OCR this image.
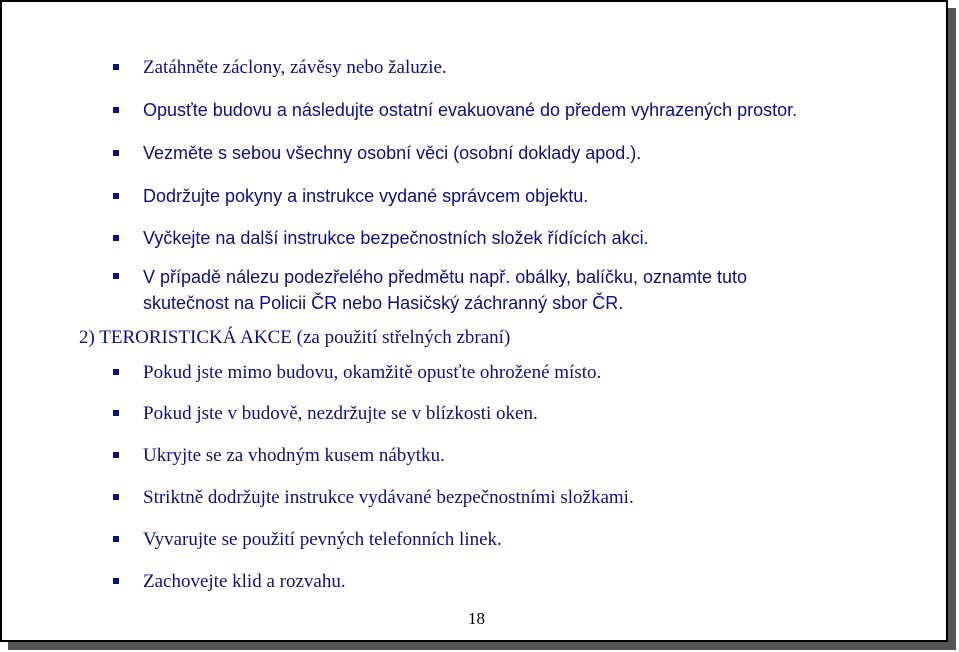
Zatáhněte záclony, závěsy nebo žaluzie.
Opusťte budovu a následujte ostatní evakuované do předem vyhrazených prostor.
Vezměte s sebou všechny osobní věci (osobní doklady apod.).
Dodržujte pokyny a instrukce vydané správcem objektu.
Vyčkejte na další instrukce bezpečnostních složek řídících akci.
V případě nálezu podezřelého předmětu např. obálky, balíčku, oznamte tuto
skutečnost na Policii ČR nebo Hasičský záchranný sbor ČR.
2) TERORISTICKÁ AKCE (za použití střelných zbraní)
Pokud jste mimo budovu, okamžitě opusťte ohrožené místo.
Pokud jste v budově, nezdržujte se v blízkosti oken.
Ukryjte se za vhodným kusem nábytku.
Striktně dodržujte instrukce vydávané bezpečnostními složkami.
Vyvarujte se použití pevných telefonních linek.
Zachovejte klid a rozvahu.
18
